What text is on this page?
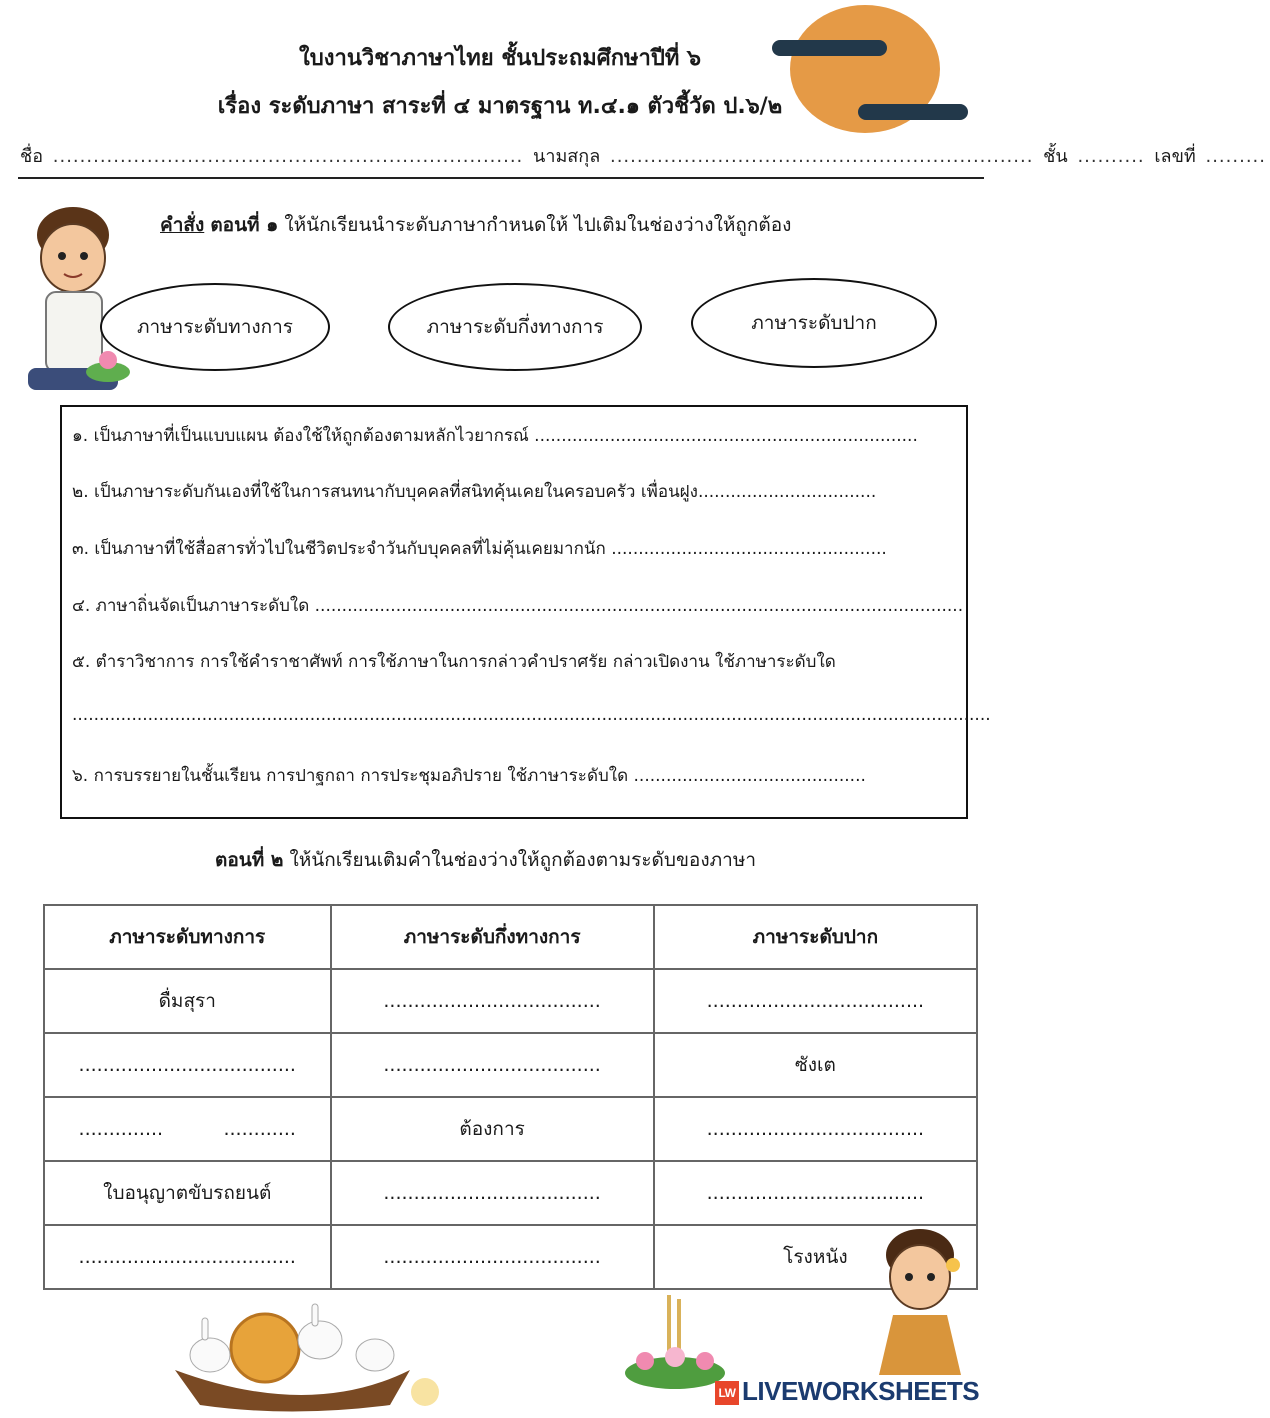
ใบงานวิชาภาษาไทย ชั้นประถมศึกษาปีที่ ๖
เรื่อง ระดับภาษา สาระที่ ๔ มาตรฐาน ท.๔.๑ ตัวชี้วัด ป.๖/๒
ชื่อ ...................................................................... นามสกุล ............................................................... ชั้น .......... เลขที่ .........
คำสั่ง ตอนที่ ๑ ให้นักเรียนนำระดับภาษากำหนดให้ ไปเติมในช่องว่างให้ถูกต้อง
ภาษาระดับทางการ	ภาษาระดับกึ่งทางการ	ภาษาระดับปาก
๑. เป็นภาษาที่เป็นแบบแผน ต้องใช้ให้ถูกต้องตามหลักไวยากรณ์ .......................................................................
๒. เป็นภาษาระดับกันเองที่ใช้ในการสนทนากับบุคคลที่สนิทคุ้นเคยในครอบครัว เพื่อนฝูง.................................
๓. เป็นภาษาที่ใช้สื่อสารทั่วไปในชีวิตประจำวันกับบุคคลที่ไม่คุ้นเคยมากนัก ...................................................
๔. ภาษาถิ่นจัดเป็นภาษาระดับใด ........................................................................................................................
๕. ตำราวิชาการ การใช้คำราชาศัพท์ การใช้ภาษาในการกล่าวคำปราศรัย กล่าวเปิดงาน ใช้ภาษาระดับใด
..........................................................................................................................................................................
๖. การบรรยายในชั้นเรียน การปาฐกถา การประชุมอภิปราย ใช้ภาษาระดับใด ...........................................
ตอนที่ ๒ ให้นักเรียนเติมคำในช่องว่างให้ถูกต้องตามระดับของภาษา
ภาษาระดับทางการ	ภาษาระดับกึ่งทางการ	ภาษาระดับปาก
ดื่มสุรา	....................................	....................................
....................................	....................................	ซังเต
..............          ............	ต้องการ	....................................
ใบอนุญาตขับรถยนต์	....................................	....................................
....................................	....................................	โรงหนัง
LW LIVEWORKSHEETS
